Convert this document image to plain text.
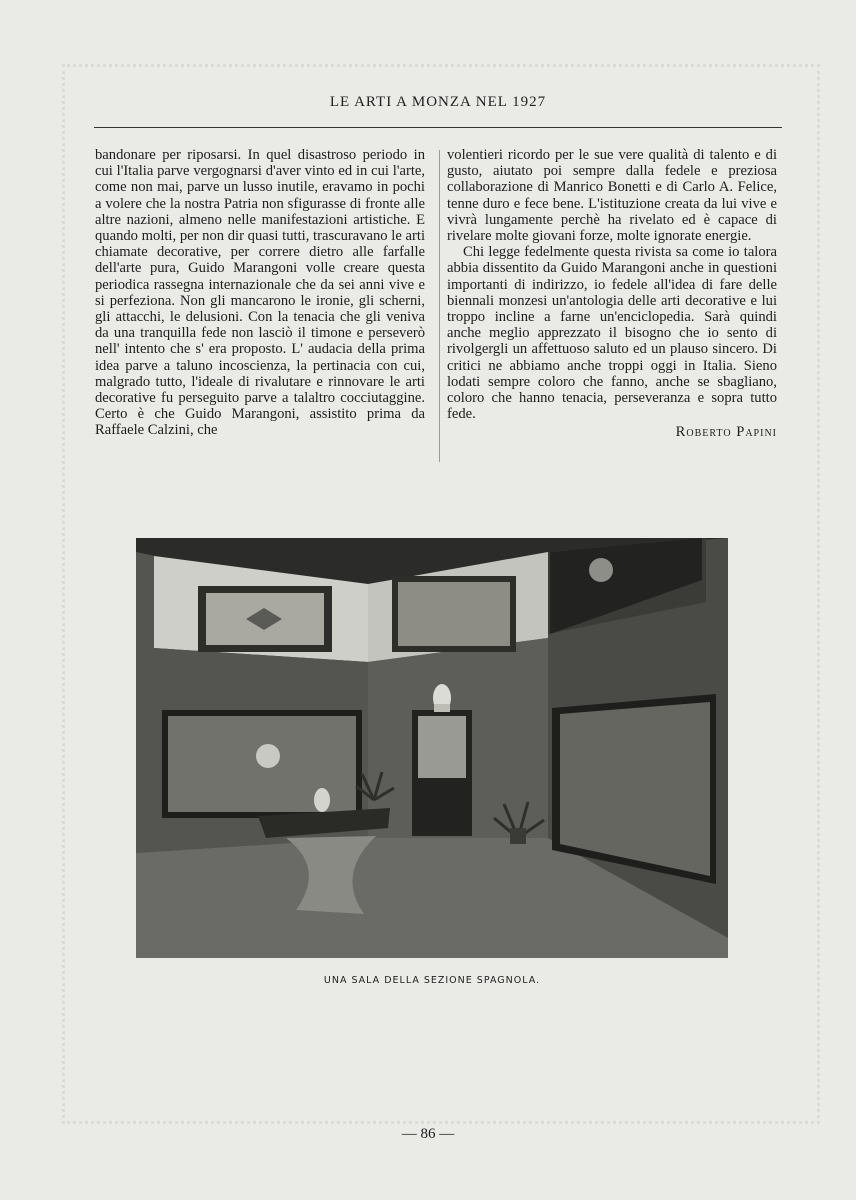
LE ARTI A MONZA NEL 1927

bandonare per riposarsi. In quel disastroso periodo in cui l'Italia parve vergognarsi d'aver vinto ed in cui l'arte, come non mai, parve un lusso inutile, eravamo in pochi a volere che la nostra Patria non sfigurasse di fronte alle altre nazioni, almeno nelle manifestazioni artistiche. E quando molti, per non dir quasi tutti, trascuravano le arti chiamate decorative, per correre dietro alle farfalle dell'arte pura, Guido Marangoni volle creare questa periodica rassegna internazionale che da sei anni vive e si perfeziona. Non gli mancarono le ironie, gli scherni, gli attacchi, le delusioni. Con la tenacia che gli veniva da una tranquilla fede non lasciò il timone e perseverò nell' intento che s' era proposto. L' audacia della prima idea parve a taluno incoscienza, la pertinacia con cui, malgrado tutto, l'ideale di rivalutare e rinnovare le arti decorative fu perseguito parve a talaltro cocciutaggine. Certo è che Guido Marangoni, assistito prima da Raffaele Calzini, che

volentieri ricordo per le sue vere qualità di talento e di gusto, aiutato poi sempre dalla fedele e preziosa collaborazione di Manrico Bonetti e di Carlo A. Felice, tenne duro e fece bene. L'istituzione creata da lui vive e vivrà lungamente perchè ha rivelato ed è capace di rivelare molte giovani forze, molte ignorate energie.

Chi legge fedelmente questa rivista sa come io talora abbia dissentito da Guido Marangoni anche in questioni importanti di indirizzo, io fedele all'idea di fare delle biennali monzesi un'antologia delle arti decorative e lui troppo incline a farne un'enciclopedia. Sarà quindi anche meglio apprezzato il bisogno che io sento di rivolgergli un affettuoso saluto ed un plauso sincero. Di critici ne abbiamo anche troppi oggi in Italia. Sieno lodati sempre coloro che fanno, anche se sbagliano, coloro che hanno tenacia, perseveranza e sopra tutto fede.

Roberto Papini

UNA SALA DELLA SEZIONE SPAGNOLA.
— 86 —
